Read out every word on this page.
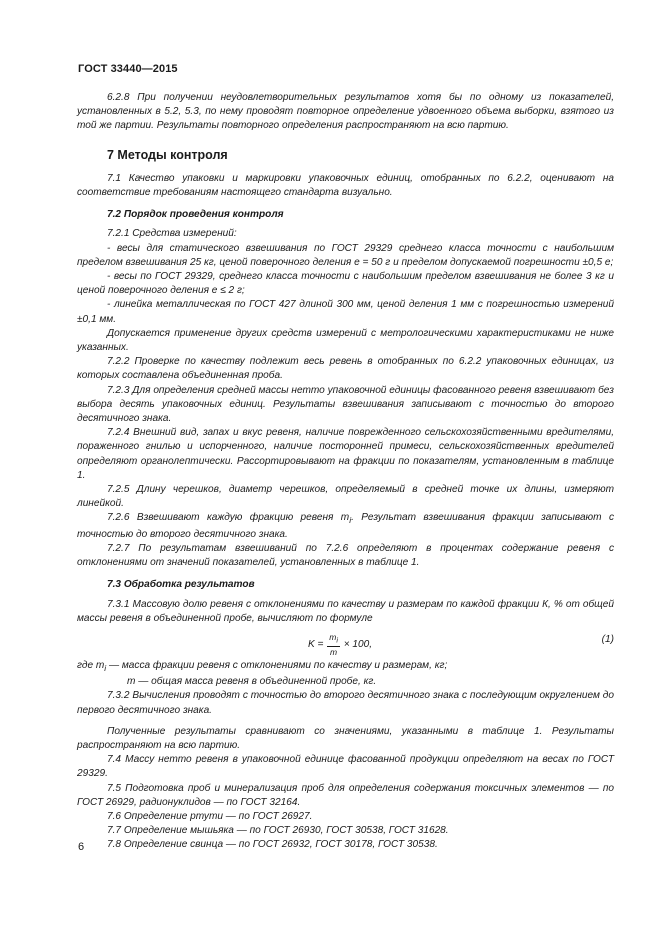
ГОСТ 33440—2015

6.2.8 При получении неудовлетворительных результатов хотя бы по одному из показателей, установленных в 5.2, 5.3, по нему проводят повторное определение удвоенного объема выборки, взятого из той же партии. Результаты повторного определения распространяют на всю партию.

7 Методы контроля

7.1 Качество упаковки и маркировки упаковочных единиц, отобранных по 6.2.2, оценивают на соответствие требованиям настоящего стандарта визуально.

7.2 Порядок проведения контроля

7.2.1 Средства измерений:

- весы для статического взвешивания по ГОСТ 29329 среднего класса точности с наибольшим пределом взвешивания 25 кг, ценой поверочного деления е = 50 г и пределом допускаемой погрешности ±0,5 е;

- весы по ГОСТ 29329, среднего класса точности с наибольшим пределом взвешивания не более 3 кг и ценой поверочного деления е ≤ 2 г;

- линейка металлическая по ГОСТ 427 длиной 300 мм, ценой деления 1 мм с погрешностью измерений ±0,1 мм.

Допускается применение других средств измерений с метрологическими характеристиками не ниже указанных.

7.2.2 Проверке по качеству подлежит весь ревень в отобранных по 6.2.2 упаковочных единицах, из которых составлена объединенная проба.

7.2.3 Для определения средней массы нетто упаковочной единицы фасованного ревеня взвешивают без выбора десять упаковочных единиц. Результаты взвешивания записывают с точностью до второго десятичного знака.

7.2.4 Внешний вид, запах и вкус ревеня, наличие поврежденного сельскохозяйственными вредителями, пораженного гнилью и испорченного, наличие посторонней примеси, сельскохозяйственных вредителей определяют органолептически. Рассортировывают на фракции по показателям, установленным в таблице 1.

7.2.5 Длину черешков, диаметр черешков, определяемый в средней точке их длины, измеряют линейкой.

7.2.6 Взвешивают каждую фракцию ревеня $m_i$. Результат взвешивания фракции записывают с точностью до второго десятичного знака.

7.2.7 По результатам взвешиваний по 7.2.6 определяют в процентах содержание ревеня с отклонениями от значений показателей, установленных в таблице 1.

7.3 Обработка результатов

7.3.1 Массовую долю ревеня с отклонениями по качеству и размерам по каждой фракции К, % от общей массы ревеня в объединенной пробе, вычисляют по формуле

$K = \frac{m_i}{m} \times 100$,	(1)

где $m_i$ — масса фракции ревеня с отклонениями по качеству и размерам, кг;

m — общая масса ревеня в объединенной пробе, кг.

7.3.2 Вычисления проводят с точностью до второго десятичного знака с последующим округлением до первого десятичного знака.

Полученные результаты сравнивают со значениями, указанными в таблице 1. Результаты распространяют на всю партию.

7.4 Массу нетто ревеня в упаковочной единице фасованной продукции определяют на весах по ГОСТ 29329.

7.5 Подготовка проб и минерализация проб для определения содержания токсичных элементов — по ГОСТ 26929, радионуклидов — по ГОСТ 32164.

7.6 Определение ртути — по ГОСТ 26927.

7.7 Определение мышьяка — по ГОСТ 26930, ГОСТ 30538, ГОСТ 31628.

7.8 Определение свинца — по ГОСТ 26932, ГОСТ 30178, ГОСТ 30538.

6
